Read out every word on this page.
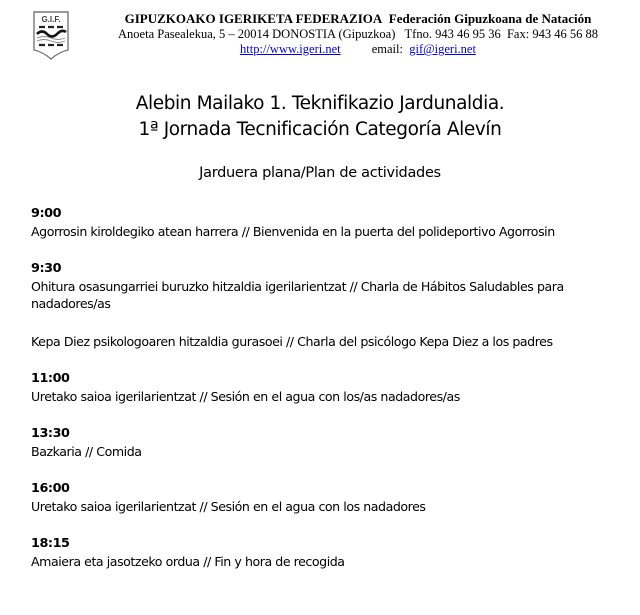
G.I.F.	GIPUZKOAKO IGERIKETA FEDERAZIOA Federación Gipuzkoana de Natación
Anoeta Pasealekua, 5 – 20014 DONOSTIA (Gipuzkoa) Tfno. 943 46 95 36 Fax: 943 46 56 88
http://www.igeri.net email: gif@igeri.net
Alebin Mailako 1. Teknifikazio Jardunaldia.
1ª Jornada Tecnificación Categoría Alevín
Jarduera plana/Plan de actividades
9:00
Agorrosin kiroldegiko atean harrera // Bienvenida en la puerta del polideportivo Agorrosin
9:30
Ohitura osasungarriei buruzko hitzaldia igerilarientzat // Charla de Hábitos Saludables para nadadores/as
Kepa Diez psikologoaren hitzaldia gurasoei // Charla del psicólogo Kepa Diez a los padres
11:00
Uretako saioa igerilarientzat // Sesión en el agua con los/as nadadores/as
13:30
Bazkaria // Comida
16:00
Uretako saioa igerilarientzat // Sesión en el agua con los nadadores
18:15
Amaiera eta jasotzeko ordua // Fin y hora de recogida
